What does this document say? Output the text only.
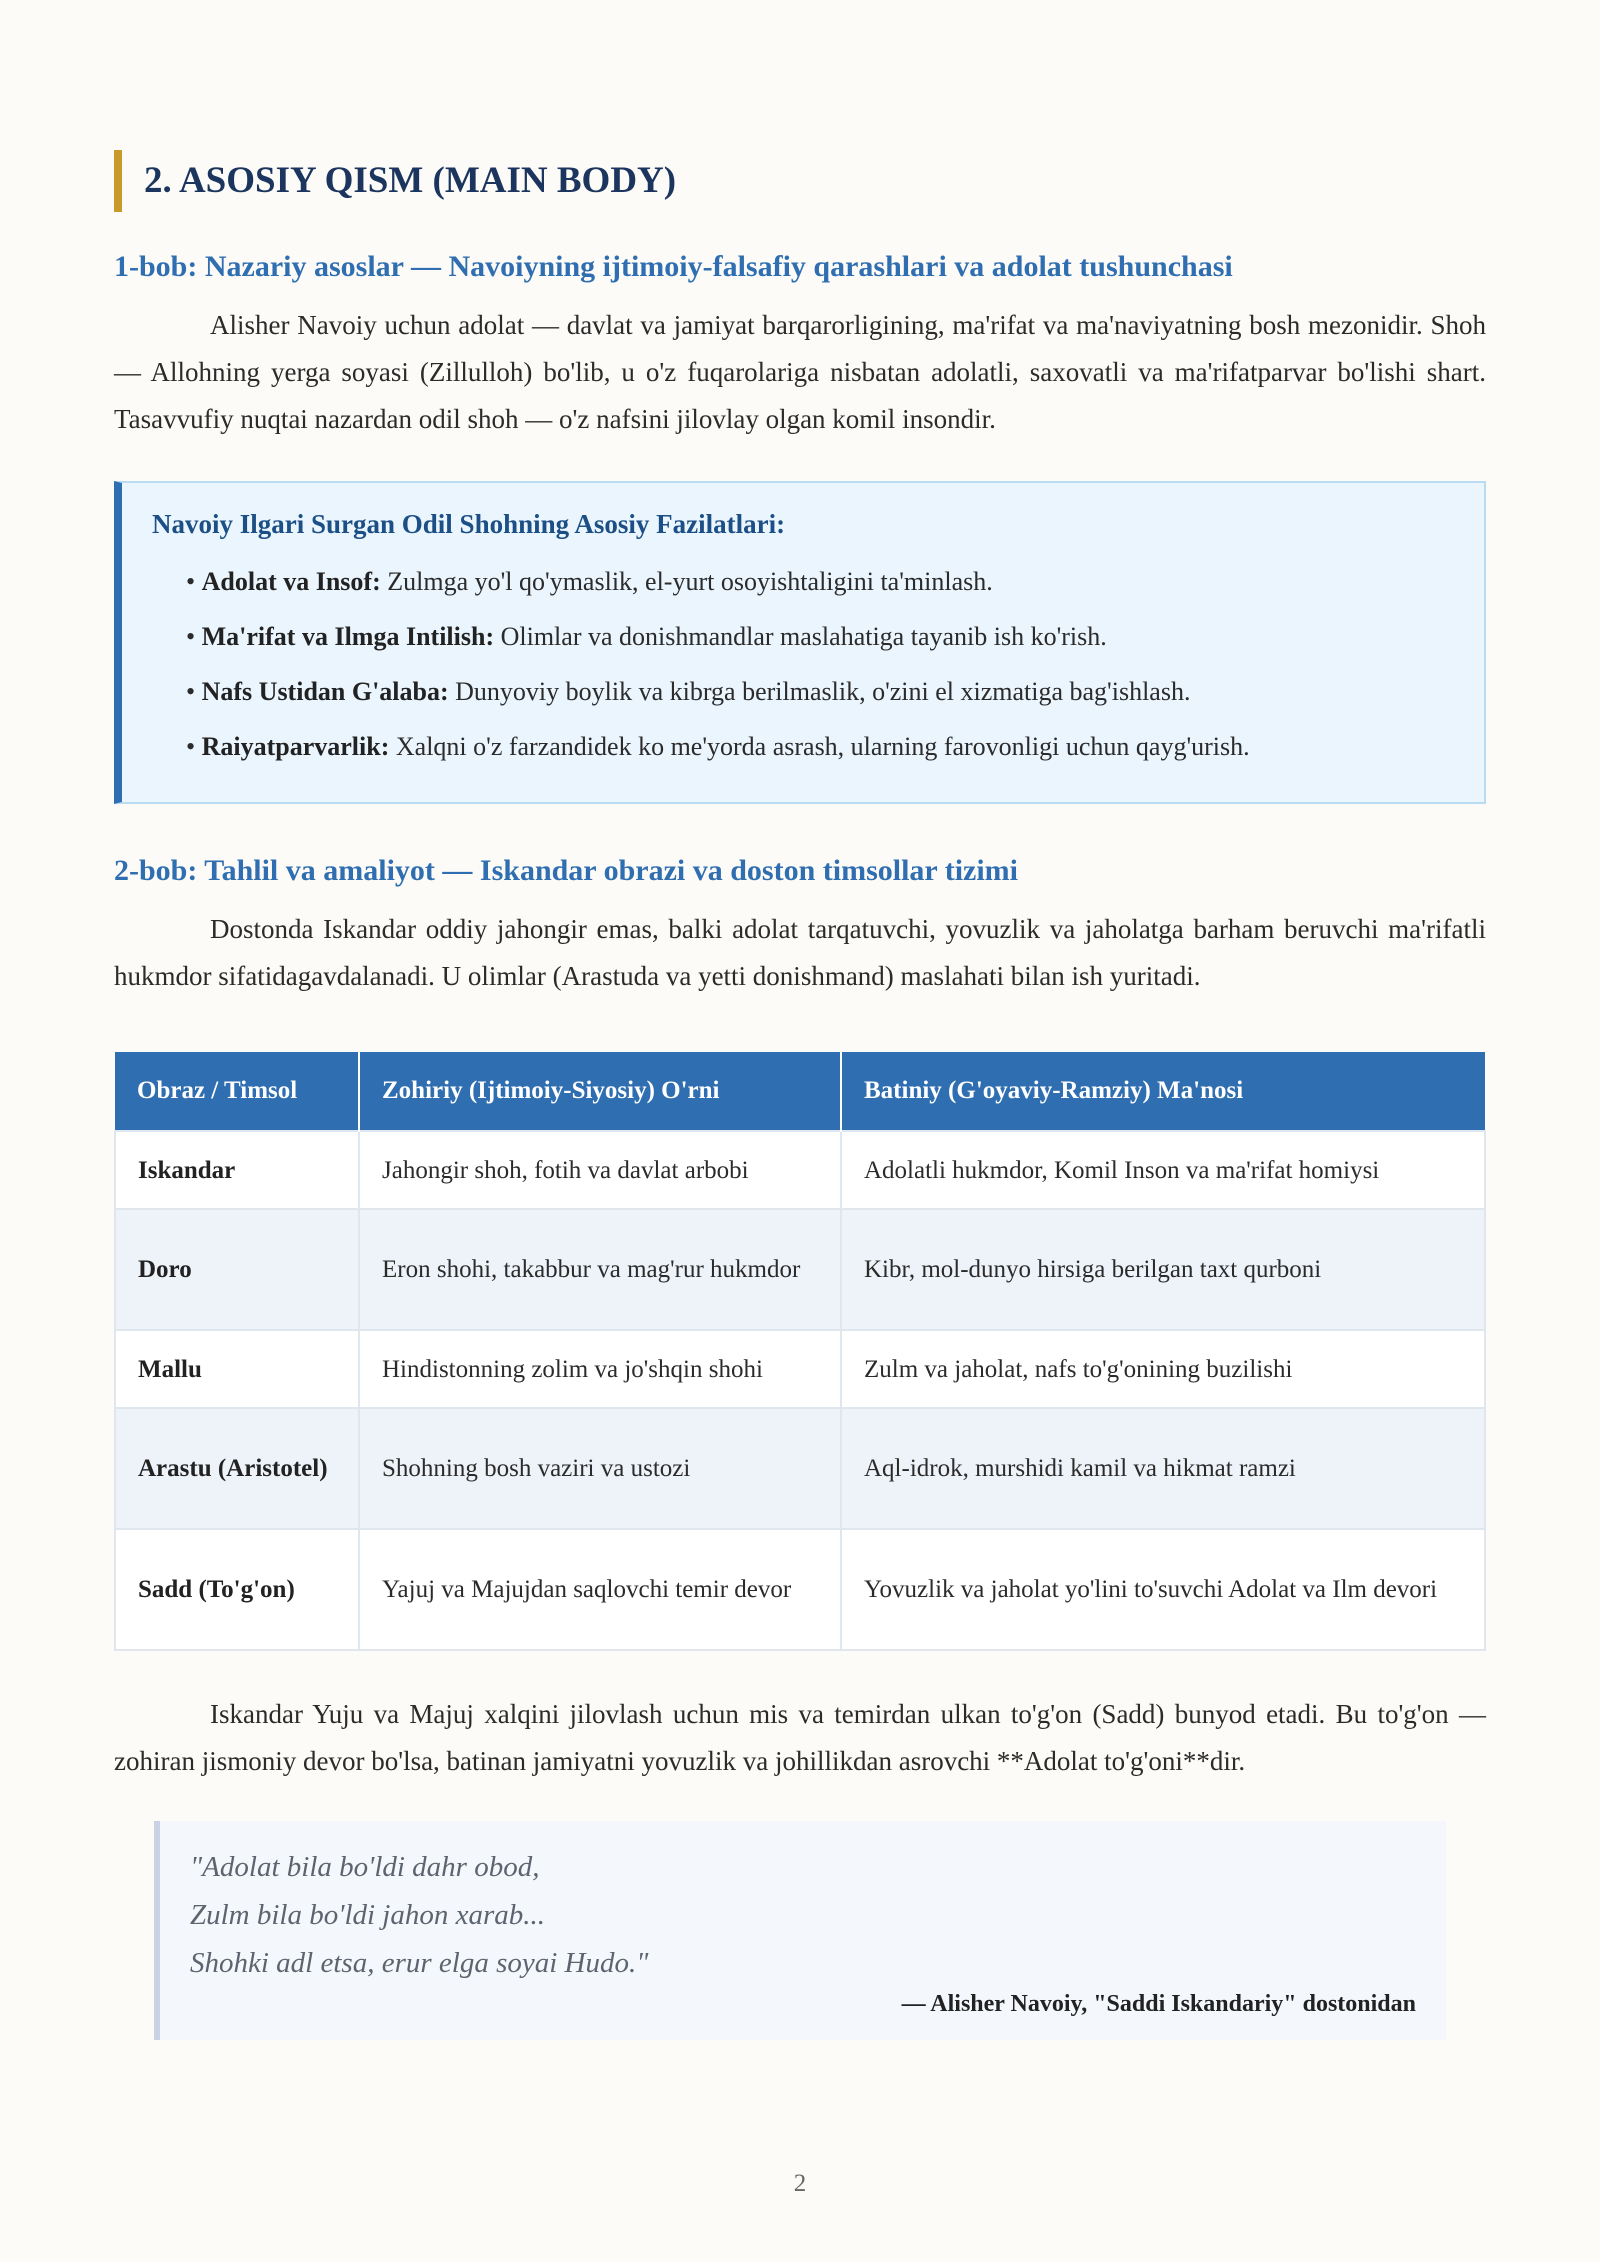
2. ASOSIY QISM (MAIN BODY)
1-bob: Nazariy asoslar — Navoiyning ijtimoiy-falsafiy qarashlari va adolat tushunchasi

Alisher Navoiy uchun adolat — davlat va jamiyat barqarorligining, ma'rifat va ma'naviyatning bosh mezonidir. Shoh — Allohning yerga soyasi (Zillulloh) bo'lib, u o'z fuqarolariga nisbatan adolatli, saxovatli va ma'rifatparvar bo'lishi shart. Tasavvufiy nuqtai nazardan odil shoh — o'z nafsini jilovlay olgan komil insondir.

Navoiy Ilgari Surgan Odil Shohning Asosiy Fazilatlari:
• Adolat va Insof: Zulmga yo'l qo'ymaslik, el-yurt osoyishtaligini ta'minlash.
• Ma'rifat va Ilmga Intilish: Olimlar va donishmandlar maslahatiga tayanib ish ko'rish.
• Nafs Ustidan G'alaba: Dunyoviy boylik va kibrga berilmaslik, o'zini el xizmatiga bag'ishlash.
• Raiyatparvarlik: Xalqni o'z farzandidek ko me'yorda asrash, ularning farovonligi uchun qayg'urish.
2-bob: Tahlil va amaliyot — Iskandar obrazi va doston timsollar tizimi

Dostonda Iskandar oddiy jahongir emas, balki adolat tarqatuvchi, yovuzlik va jaholatga barham beruvchi ma'rifatli hukmdor sifatidagavdalanadi. U olimlar (Arastuda va yetti donishmand) maslahati bilan ish yuritadi.

Obraz / Timsol	Zohiriy (Ijtimoiy-Siyosiy) O'rni	Batiniy (G'oyaviy-Ramziy) Ma'nosi
Iskandar	Jahongir shoh, fotih va davlat arbobi	Adolatli hukmdor, Komil Inson va ma'rifat homiysi
Doro	Eron shohi, takabbur va mag'rur hukmdor	Kibr, mol-dunyo hirsiga berilgan taxt qurboni
Mallu	Hindistonning zolim va jo'shqin shohi	Zulm va jaholat, nafs to'g'onining buzilishi
Arastu (Aristotel)	Shohning bosh vaziri va ustozi	Aql-idrok, murshidi kamil va hikmat ramzi
Sadd (To'g'on)	Yajuj va Majujdan saqlovchi temir devor	Yovuzlik va jaholat yo'lini to'suvchi Adolat va Ilm devori

Iskandar Yuju va Majuj xalqini jilovlash uchun mis va temirdan ulkan to'g'on (Sadd) bunyod etadi. Bu to'g'on — zohiran jismoniy devor bo'lsa, batinan jamiyatni yovuzlik va johillikdan asrovchi **Adolat to'g'oni**dir.

"Adolat bila bo'ldi dahr obod,
Zulm bila bo'ldi jahon xarab...
Shohki adl etsa, erur elga soyai Hudo."
— Alisher Navoiy, "Saddi Iskandariy" dostonidan
2
